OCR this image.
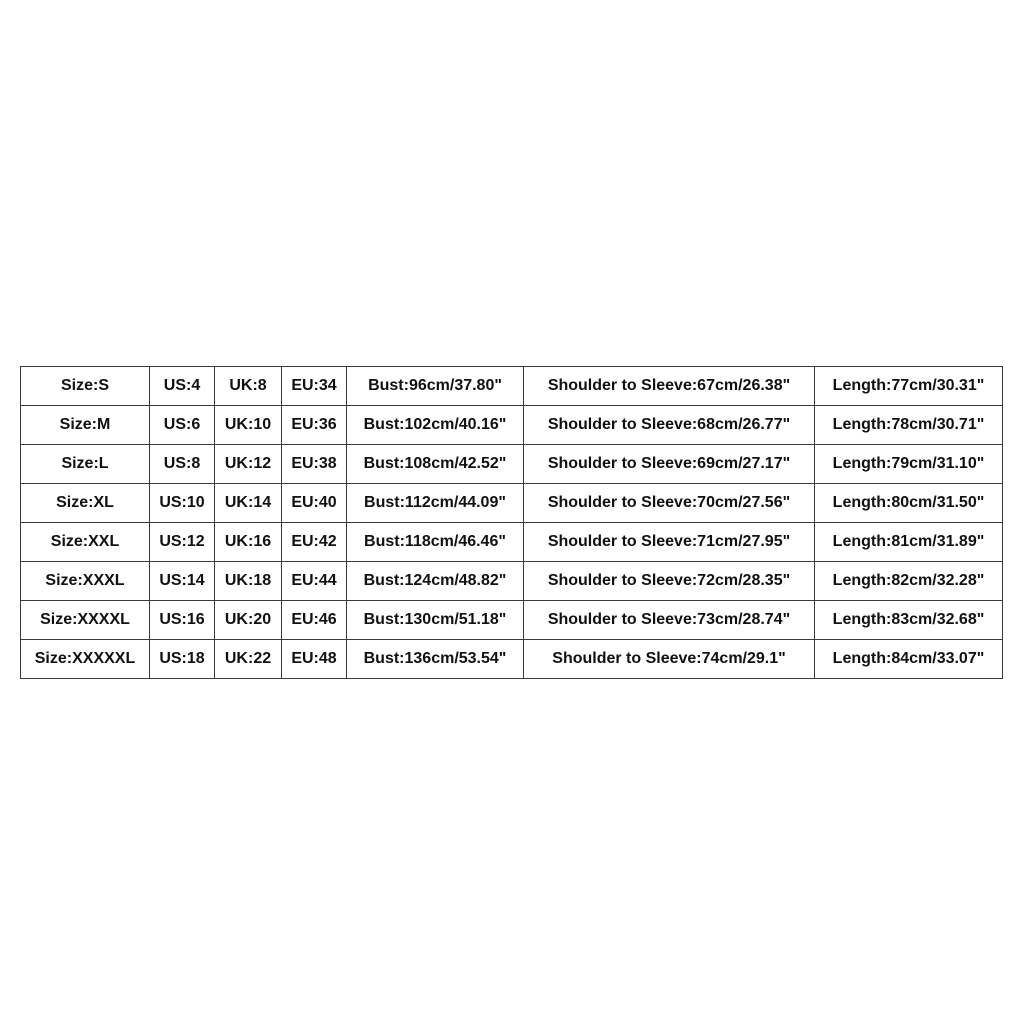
Size:S	US:4	UK:8	EU:34	Bust:96cm/37.80"	Shoulder to Sleeve:67cm/26.38"	Length:77cm/30.31"
Size:M	US:6	UK:10	EU:36	Bust:102cm/40.16"	Shoulder to Sleeve:68cm/26.77"	Length:78cm/30.71"
Size:L	US:8	UK:12	EU:38	Bust:108cm/42.52"	Shoulder to Sleeve:69cm/27.17"	Length:79cm/31.10"
Size:XL	US:10	UK:14	EU:40	Bust:112cm/44.09"	Shoulder to Sleeve:70cm/27.56"	Length:80cm/31.50"
Size:XXL	US:12	UK:16	EU:42	Bust:118cm/46.46"	Shoulder to Sleeve:71cm/27.95"	Length:81cm/31.89"
Size:XXXL	US:14	UK:18	EU:44	Bust:124cm/48.82"	Shoulder to Sleeve:72cm/28.35"	Length:82cm/32.28"
Size:XXXXL	US:16	UK:20	EU:46	Bust:130cm/51.18"	Shoulder to Sleeve:73cm/28.74"	Length:83cm/32.68"
Size:XXXXXL	US:18	UK:22	EU:48	Bust:136cm/53.54"	Shoulder to Sleeve:74cm/29.1"	Length:84cm/33.07"
